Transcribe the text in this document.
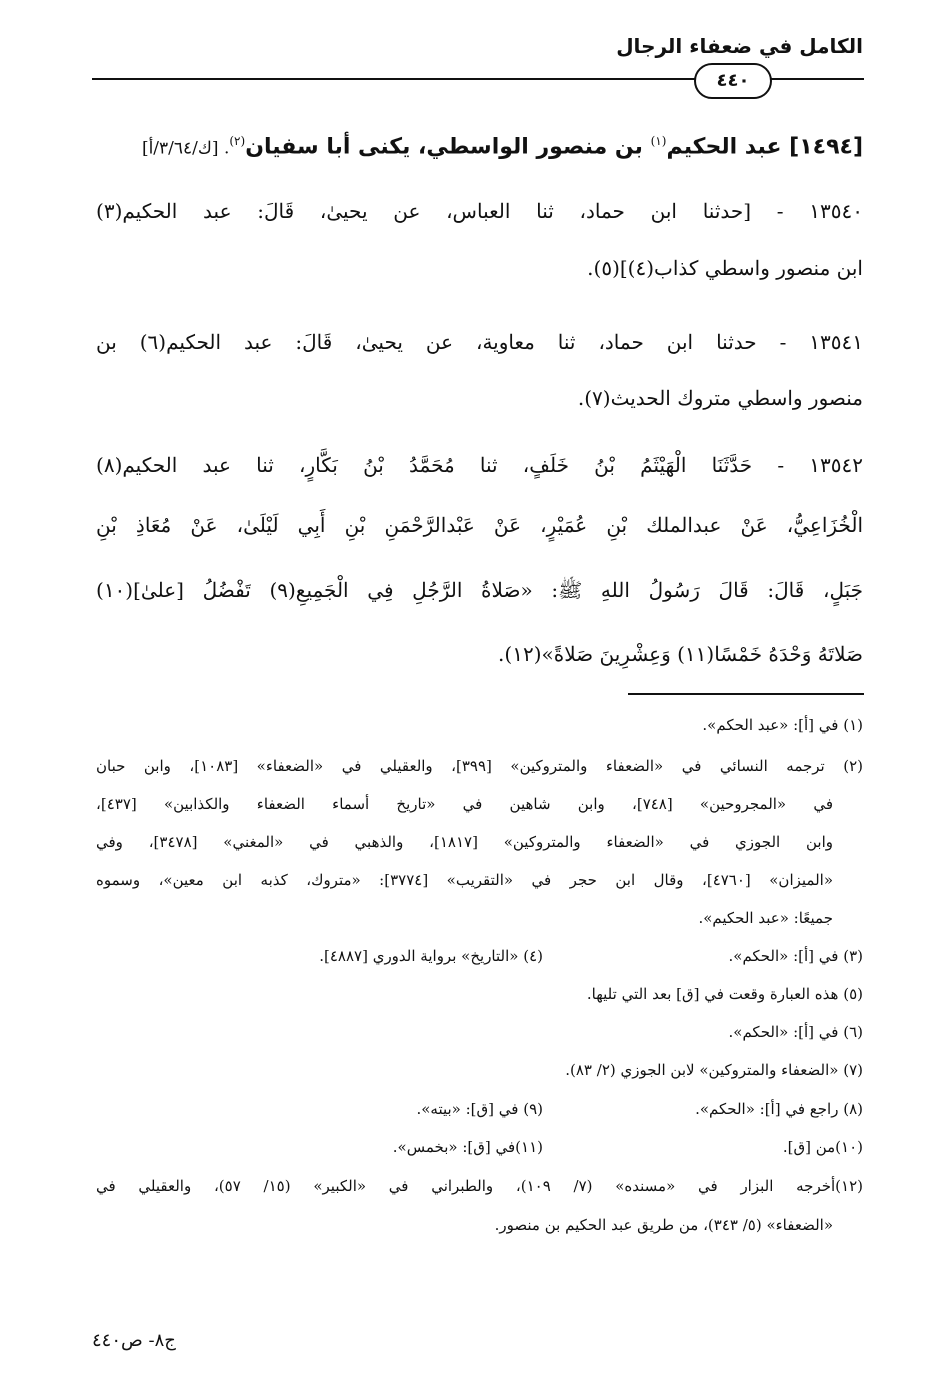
الكامل في ضعفاء الرجال
٤٤٠
[١٤٩٤] عبد الحكيم$^{(١)}$ بن منصور الواسطي، يكنى أبا سفيان$^{(٢)}$. [ك/٣/٦٤/أ]
١٣٥٤٠ - [حدثنا ابن حماد، ثنا العباس، عن يحيىٰ، قَالَ: عبد الحكيم(٣)
ابن منصور واسطي كذاب(٤)](٥).
١٣٥٤١ - حدثنا ابن حماد، ثنا معاوية، عن يحيىٰ، قَالَ: عبد الحكيم(٦) بن
منصور واسطي متروك الحديث(٧).
١٣٥٤٢ - حَدَّثَنَا الْهَيْثَمُ بْنُ خَلَفٍ، ثنا مُحَمَّدُ بْنُ بَكَّارٍ، ثنا عبد الحكيم(٨)
الْخُزَاعِيُّ، عَنْ عبدالملك بْنِ عُمَيْرٍ، عَنْ عَبْدالرَّحْمَنِ بْنِ أَبِي لَيْلَىٰ، عَنْ مُعَاذِ بْنِ
جَبَلٍ، قَالَ: قَالَ رَسُولُ اللهِ ﷺ: «صَلاةُ الرَّجُلِ فِي الْجَمِيعِ(٩) تَفْضُلُ [علىٰ](١٠)
صَلاتَهُ وَحْدَهُ خَمْسًا(١١) وَعِشْرِينَ صَلاةً»(١٢).
(١) في [أ]: «عبد الحكم».
(٢) ترجمه النسائي في «الضعفاء والمتروكين» [٣٩٩]، والعقيلي في «الضعفاء» [١٠٨٣]، وابن حبان
في «المجروحين» [٧٤٨]، وابن شاهين في «تاريخ أسماء الضعفاء والكذابين» [٤٣٧]،
وابن الجوزي في «الضعفاء والمتروكين» [١٨١٧]، والذهبي في «المغني» [٣٤٧٨]، وفي
«الميزان» [٤٧٦٠]، وقال ابن حجر في «التقريب» [٣٧٧٤]: «متروك، كذبه ابن معين»، وسموه
جميعًا: «عبد الحكيم».
(٣) في [أ]: «الحكم».
(٤) «التاريخ» برواية الدوري [٤٨٨٧].
(٥) هذه العبارة وقعت في [ق] بعد التي تليها.
(٦) في [أ]: «الحكم».
(٧) «الضعفاء والمتروكين» لابن الجوزي (٢/ ٨٣).
(٨) راجع في [أ]: «الحكم».
(٩) في [ق]: «بيته».
(١٠)من [ق].
(١١)في [ق]: «بخمس».
(١٢)أخرجه البزار في «مسنده» (٧/ ١٠٩)، والطبراني في «الكبير» (١٥/ ٥٧)، والعقيلي في
«الضعفاء» (٥/ ٣٤٣)، من طريق عبد الحكيم بن منصور.
ج٨- ص٤٤٠
